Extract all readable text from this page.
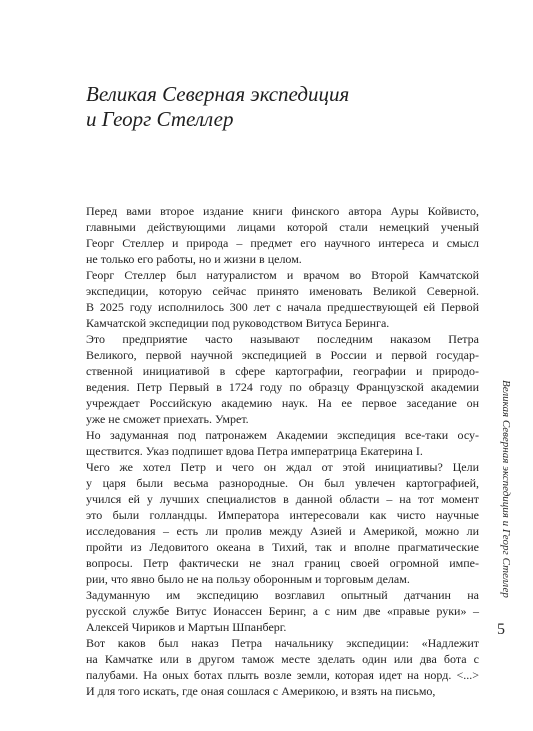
Великая Северная экспедиция
и Георг Стеллер
Перед вами второе издание книги финского автора Ауры Койвисто,
главными действующими лицами которой стали немецкий ученый
Георг Стеллер и природа – предмет его научного интереса и смысл
не только его работы, но и жизни в целом.
Георг Стеллер был натуралистом и врачом во Второй Камчатской
экспедиции, которую сейчас принято именовать Великой Северной.
В 2025 году исполнилось 300 лет с начала предшествующей ей Первой
Камчатской экспедиции под руководством Витуса Беринга.
Это предприятие часто называют последним наказом Петра
Великого, первой научной экспедицией в России и первой государ-
ственной инициативой в сфере картографии, географии и природо-
ведения. Петр Первый в 1724 году по образцу Французской академии
учреждает Российскую академию наук. На ее первое заседание он
уже не сможет приехать. Умрет.
Но задуманная под патронажем Академии экспедиция все-таки осу-
ществится. Указ подпишет вдова Петра императрица Екатерина I.
Чего же хотел Петр и чего он ждал от этой инициативы? Цели
у царя были весьма разнородные. Он был увлечен картографией,
учился ей у лучших специалистов в данной области – на тот момент
это были голландцы. Императора интересовали как чисто научные
исследования – есть ли пролив между Азией и Америкой, можно ли
пройти из Ледовитого океана в Тихий, так и вполне прагматические
вопросы. Петр фактически не знал границ своей огромной импе-
рии, что явно было не на пользу оборонным и торговым делам.
Задуманную им экспедицию возглавил опытный датчанин на
русской службе Витус Ионассен Беринг, а с ним две «правые руки» –
Алексей Чириков и Мартын Шпанберг.
Вот каков был наказ Петра начальнику экспедиции: «Надлежит
на Камчатке или в другом тамож месте зделать один или два бота с
палубами. На оных ботах плыть возле земли, которая идет на норд. <...>
И для того искать, где оная сошлася с Америкою, и взять на письмо,
Великая Северная экспедиция и Георг Стеллер
5
